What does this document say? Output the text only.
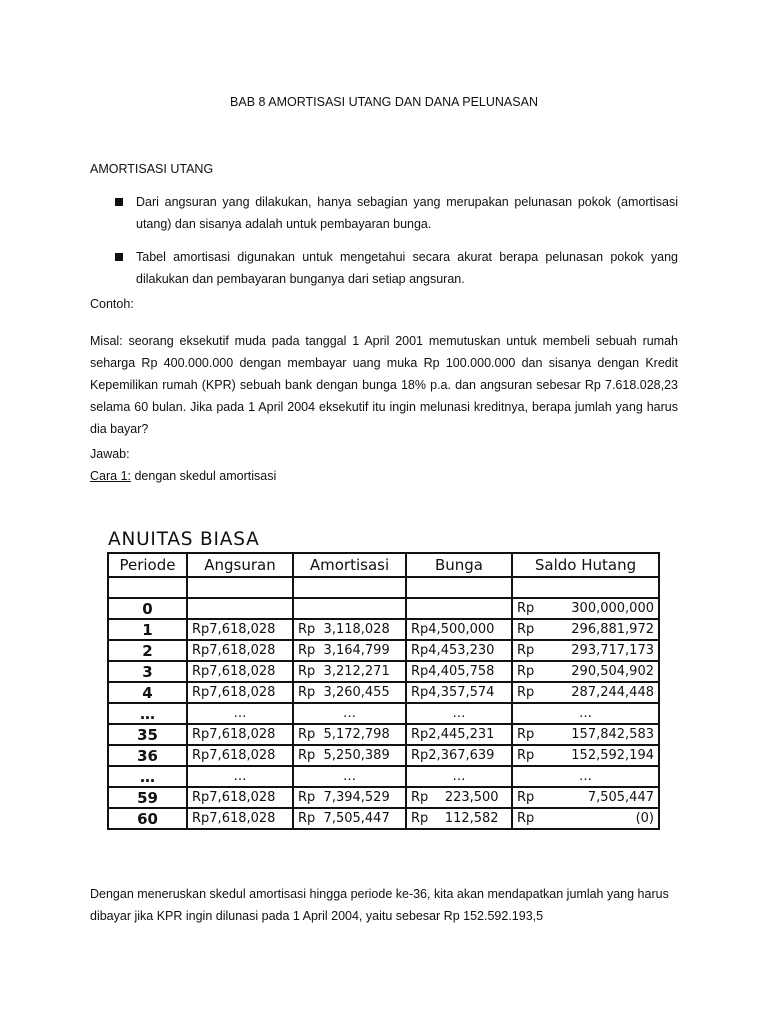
BAB 8 AMORTISASI UTANG DAN DANA PELUNASAN
AMORTISASI UTANG
Dari angsuran yang dilakukan, hanya sebagian yang merupakan pelunasan pokok (amortisasi utang) dan sisanya adalah untuk pembayaran bunga.
Tabel amortisasi digunakan untuk mengetahui secara akurat berapa pelunasan pokok yang dilakukan dan pembayaran bunganya dari setiap angsuran.
Contoh:

Misal: seorang eksekutif muda pada tanggal 1 April 2001 memutuskan untuk membeli sebuah rumah seharga Rp 400.000.000 dengan membayar uang muka Rp 100.000.000 dan sisanya dengan Kredit Kepemilikan rumah (KPR) sebuah bank dengan bunga 18% p.a. dan angsuran sebesar Rp 7.618.028,23 selama 60 bulan. Jika pada 1 April 2004 eksekutif itu ingin melunasi kreditnya, berapa jumlah yang harus dia bayar?

Jawab:
Cara 1: dengan skedul amortisasi
ANUITAS BIASA
Periode	Angsuran	Amortisasi	Bunga	Saldo Hutang

0				Rp 300,000,000

1	Rp7,618,028	Rp  3,118,028	Rp4,500,000	Rp 296,881,972

2	Rp7,618,028	Rp  3,164,799	Rp4,453,230	Rp 293,717,173

3	Rp7,618,028	Rp  3,212,271	Rp4,405,758	Rp 290,504,902

4	Rp7,618,028	Rp  3,260,455	Rp4,357,574	Rp 287,244,448

…	…	…	…	…
35	Rp7,618,028	Rp  5,172,798	Rp2,445,231	Rp 157,842,583

36	Rp7,618,028	Rp  5,250,389	Rp2,367,639	Rp 152,592,194

…	…	…	…	…
59	Rp7,618,028	Rp  7,394,529	Rp    223,500	Rp 7,505,447

60	Rp7,618,028	Rp  7,505,447	Rp    112,582	Rp (0)

Dengan meneruskan skedul amortisasi hingga periode ke-36, kita akan mendapatkan jumlah yang harus dibayar jika KPR ingin dilunasi pada 1 April 2004, yaitu sebesar Rp 152.592.193,5
